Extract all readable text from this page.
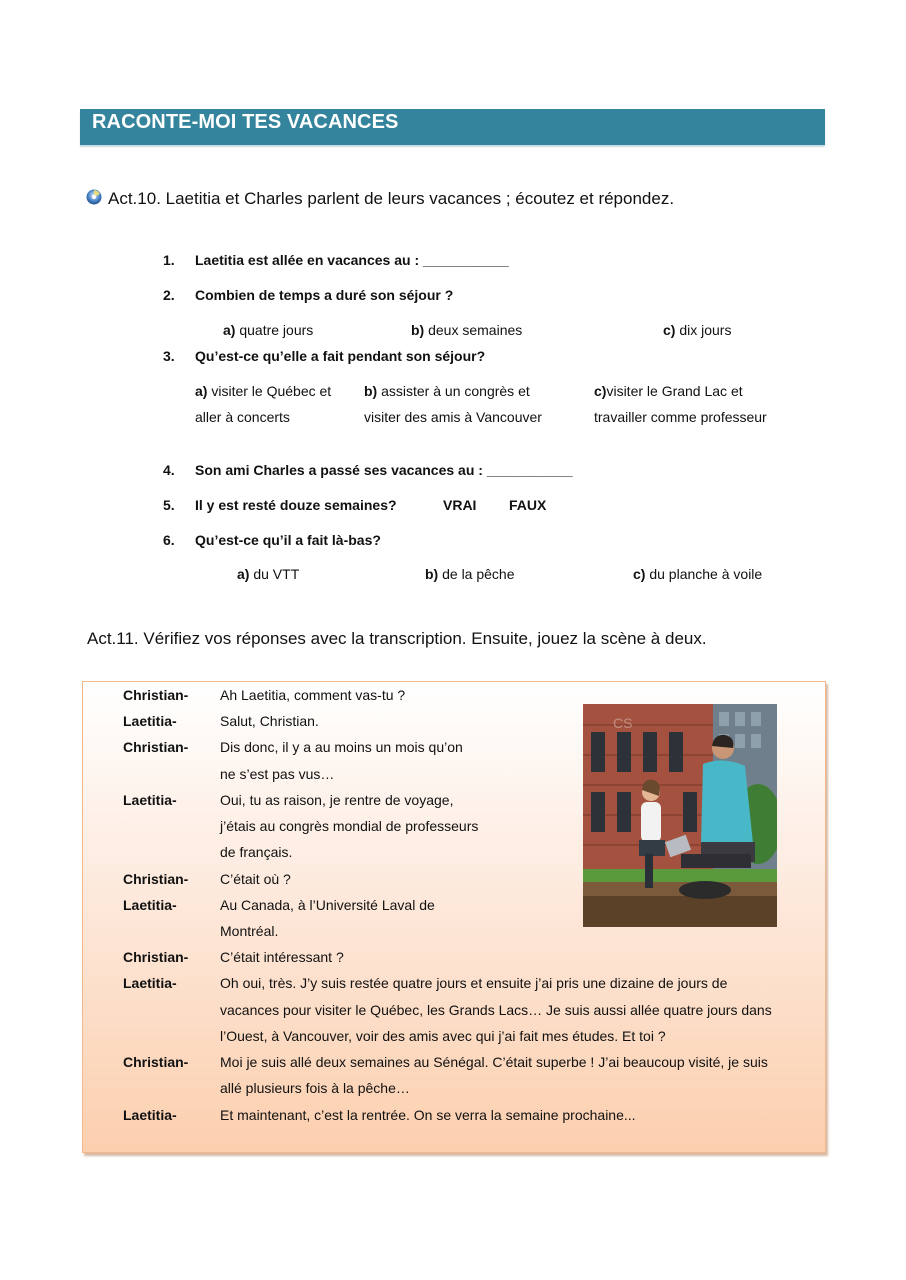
RACONTE-MOI TES VACANCES
Act.10. Laetitia et Charles parlent de leurs vacances ; écoutez et répondez.
1. Laetitia est allée en vacances au : ___________
2. Combien de temps a duré son séjour ?
a) quatre jours	b) deux semaines	c) dix jours
3. Qu’est-ce qu’elle a fait pendant son séjour?
a) visiter le Québec et
aller à concerts
b) assister à un congrès et
visiter des amis à Vancouver
c)visiter le Grand Lac et
travailler comme professeur
4. Son ami Charles a passé ses vacances au : ___________
5. Il y est resté douze semaines?	VRAI FAUX
6. Qu’est-ce qu’il a fait là-bas?
a) du VTT	b) de la pêche	c) du planche à voile
Act.11. Vérifiez vos réponses avec la transcription. Ensuite, jouez la scène à deux.
Christian- Ah Laetitia, comment vas-tu ?
Laetitia-	Salut, Christian.
Christian- Dis donc, il y a au moins un mois qu’on
ne s’est pas vus…
Laetitia-	Oui, tu as raison, je rentre de voyage,
j’étais au congrès mondial de professeurs
de français.
Christian- C’était où ?
Laetitia-	Au Canada, à l’Université Laval de
Montréal.
Christian- C’était intéressant ?
Laetitia-	Oh oui, très. J’y suis restée quatre jours et ensuite j’ai pris une dizaine de jours de
vacances pour visiter le Québec, les Grands Lacs… Je suis aussi allée quatre jours dans
l’Ouest, à Vancouver, voir des amis avec qui j’ai fait mes études. Et toi ?
Christian- Moi je suis allé deux semaines au Sénégal. C’était superbe ! J’ai beaucoup visité, je suis
allé plusieurs fois à la pêche…
Laetitia-	Et maintenant, c’est la rentrée. On se verra la semaine prochaine...
CS
